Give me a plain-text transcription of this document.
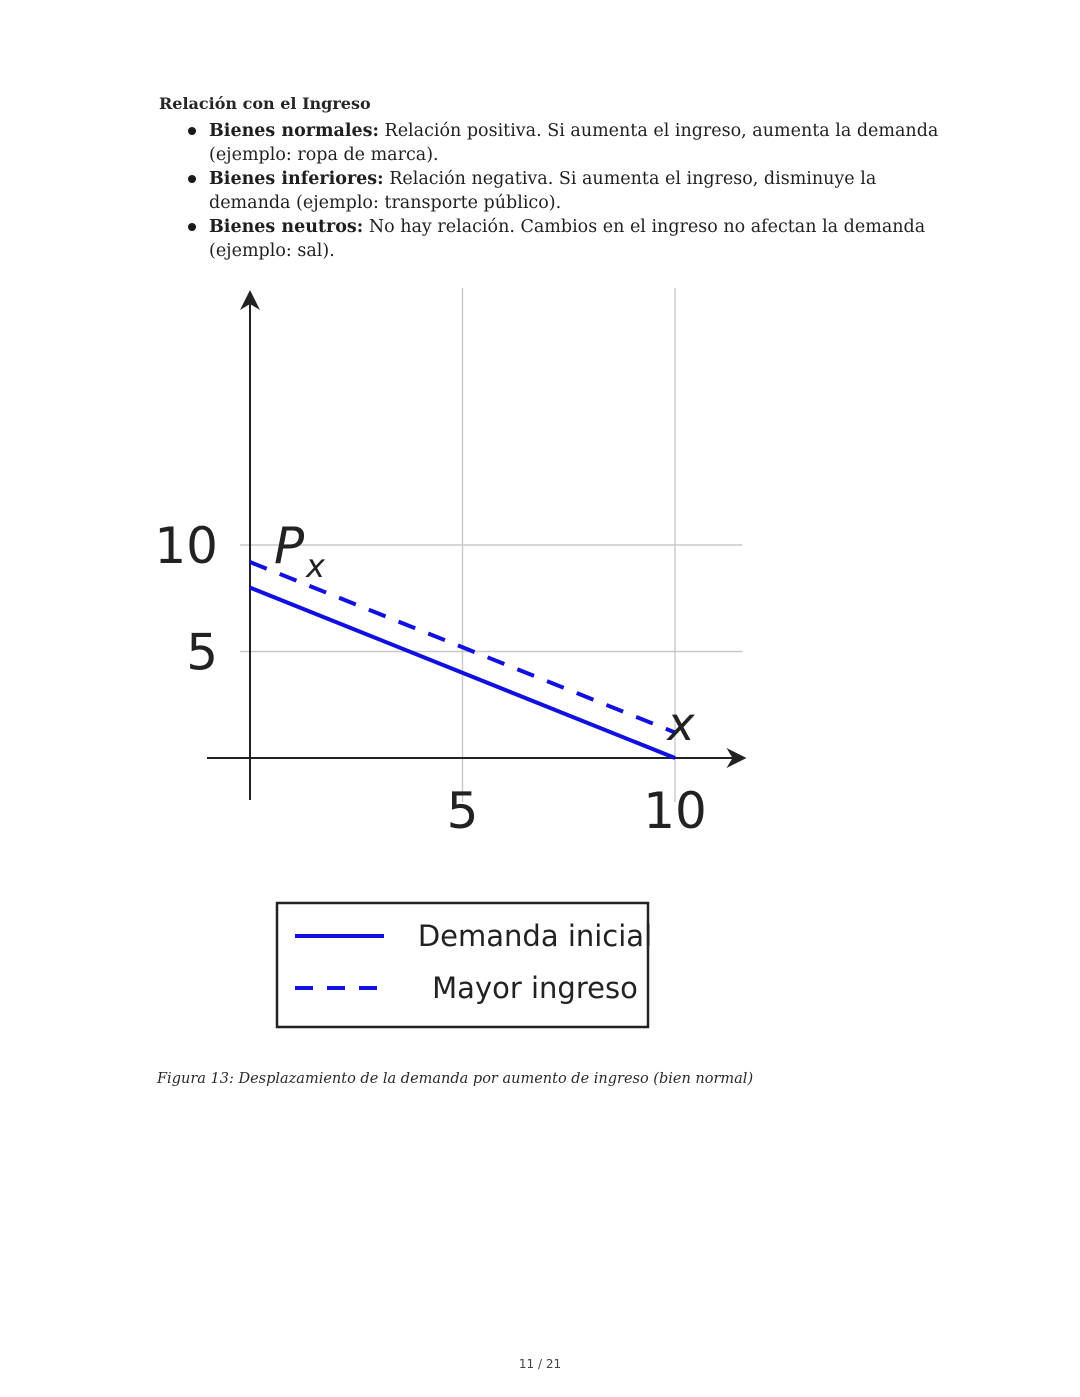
Relación con el Ingreso
Bienes normales: Relación positiva. Si aumenta el ingreso, aumenta la demanda (ejemplo: ropa de marca).
Bienes inferiores: Relación negativa. Si aumenta el ingreso, disminuye la demanda (ejemplo: transporte público).
Bienes neutros: No hay relación. Cambios en el ingreso no afectan la demanda (ejemplo: sal).
5	10
5
10 P x
x
Demanda inicial
Mayor ingreso
Figura 13: Desplazamiento de la demanda por aumento de ingreso (bien normal)
11 / 21
